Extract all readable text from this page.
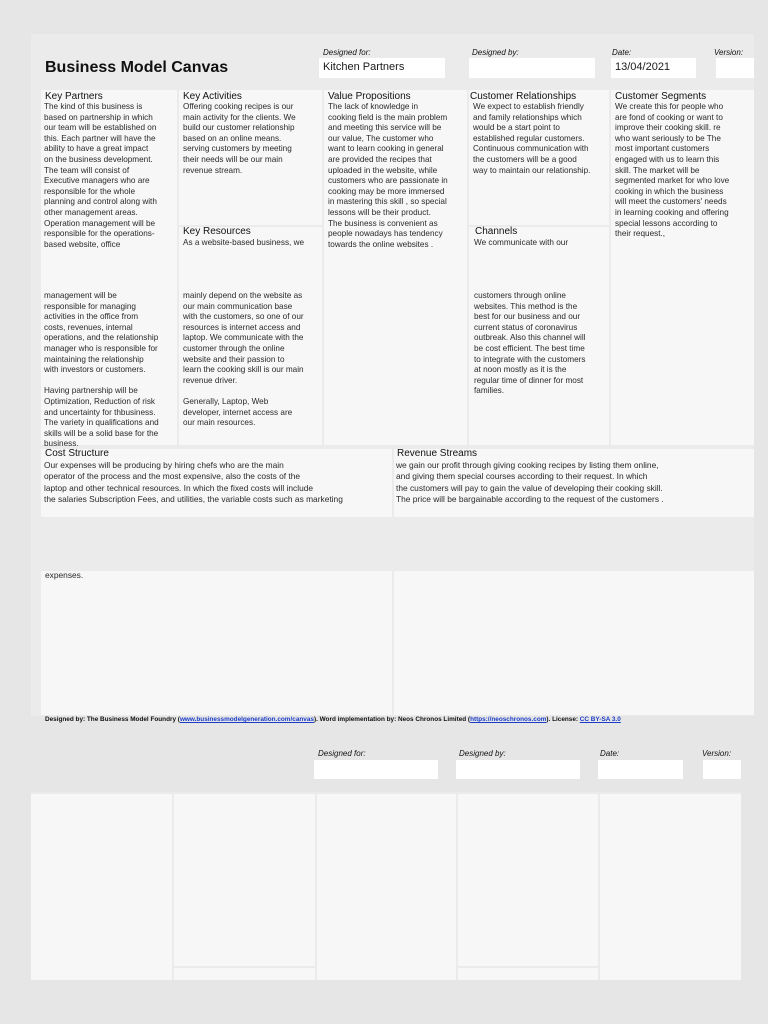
Business Model Canvas
Designed for:
Kitchen Partners
Designed by:	Date:
13/04/2021
Version:
Key Partners
The kind of this business is
based on partnership in which
our team will be established on
this. Each partner will have the
ability to have a great impact
on the business development.
The team will consist of
Executive managers who are
responsible for the whole
planning and control along with
other management areas.
Operation management will be
responsible for the operations-
based website, office
management will be
responsible for managing
activities in the office from
costs, revenues, internal
operations, and the relationship
manager who is responsible for
maintaining the relationship
with investors or customers.

Having partnership will be
Optimization, Reduction of risk
and uncertainty for thbusiness.
The variety in qualifications and
skills will be a solid base for the
business.
Key Activities
Offering cooking recipes is our
main activity for the clients. We
build our customer relationship
based on an online means.
serving customers by meeting
their needs will be our main
revenue stream.
Key Resources
As a website-based business, we
mainly depend on the website as
our main communication base
with the customers, so one of our
resources is internet access and
laptop. We communicate with the
customer through the online
website and their passion to
learn the cooking skill is our main
revenue driver.

Generally, Laptop, Web
developer, internet access are
our main resources.
Value Propositions
The lack of knowledge in
cooking field is the main problem
and meeting this service will be
our value, The customer who
want to learn cooking in general
are provided the recipes that
uploaded in the website, while
customers who are passionate in
cooking may be more immersed
in mastering this skill , so special
lessons will be their product.
The business is convenient as
people nowadays has tendency
towards the online websites .
Customer Relationships
We expect to establish friendly
and family relationships which
would be a start point to
established regular customers.
Continuous communication with
the customers will be a good
way to maintain our relationship.
Channels
We communicate with our
customers through online
websites. This method is the
best for our business and our
current status of coronavirus
outbreak. Also this channel will
be cost efficient. The best time
to integrate with the customers
at noon mostly as it is the
regular time of dinner for most
families.
Customer Segments
We create this for people who
are fond of cooking or want to
improve their cooking skill. re
who want seriously to be The
most important customers
engaged with us to learn this
skill. The market will be
segmented market for who love
cooking in which the business
will meet the customers' needs
in learning cooking and offering
special lessons according to
their request.,
Cost Structure
Our expenses will be producing by hiring chefs who are the main
operator of the process and the most expensive, also the costs of the
laptop and other technical resources. In which the fixed costs will include
the salaries Subscription Fees, and utilities, the variable costs such as marketing
expenses.
Revenue Streams
we gain our profit through giving cooking recipes by listing them online,
and giving them special courses according to their request. In which
the customers will pay to gain the value of developing their cooking skill.
The price will be bargainable according to the request of the customers .
Designed by: The Business Model Foundry (www.businessmodelgeneration.com/canvas). Word implementation by: Neos Chronos Limited (https://neoschronos.com). License: CC BY-SA 3.0
Designed for:	Designed by:	Date:	Version:
